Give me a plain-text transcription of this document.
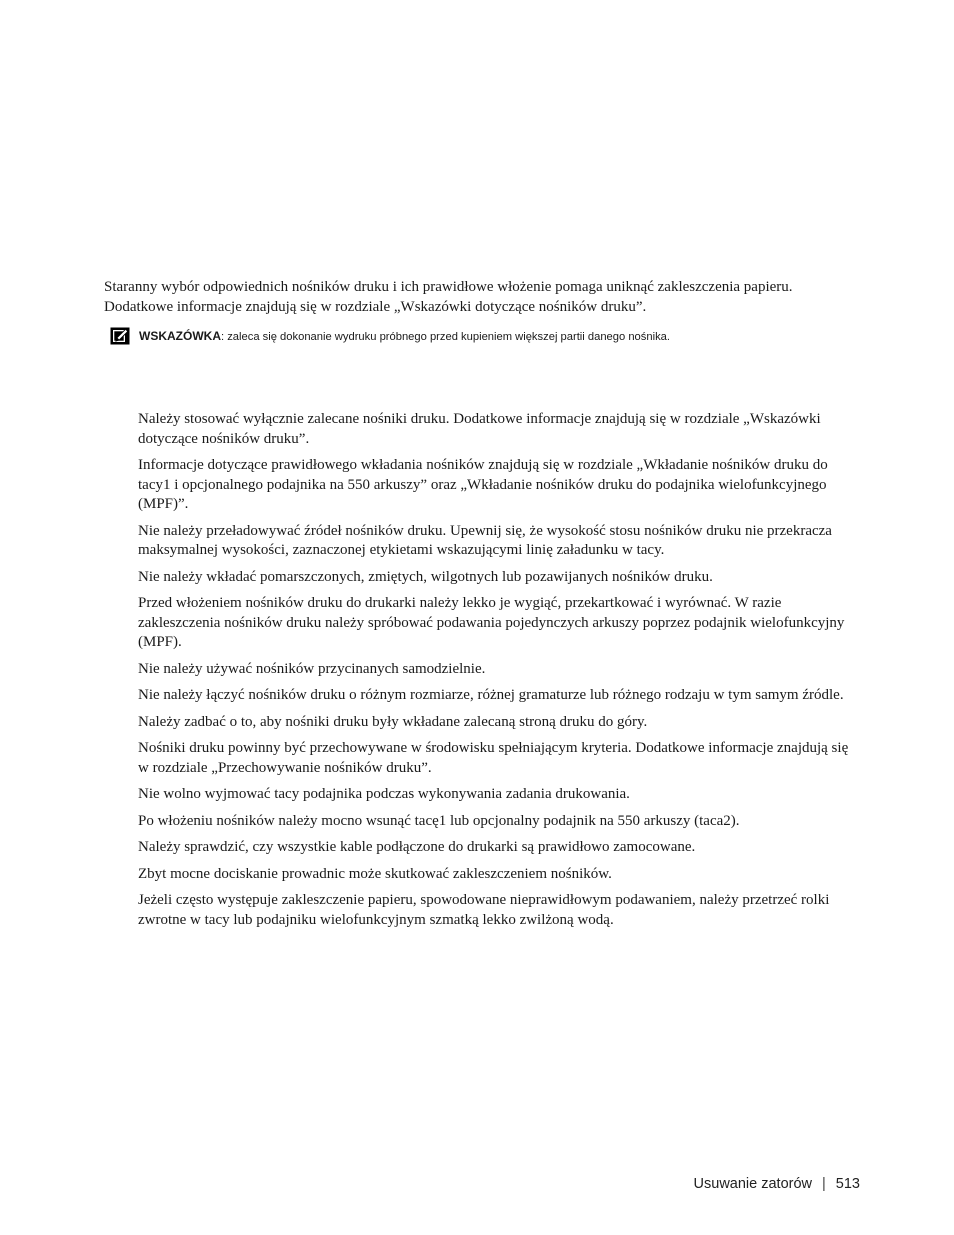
Staranny wybór odpowiednich nośników druku i ich prawidłowe włożenie pomaga uniknąć zakleszczenia papieru. Dodatkowe informacje znajdują się w rozdziale „Wskazówki dotyczące nośników druku”.

WSKAZÓWKA: zaleca się dokonanie wydruku próbnego przed kupieniem większej partii danego nośnika.
Należy stosować wyłącznie zalecane nośniki druku. Dodatkowe informacje znajdują się w rozdziale „Wskazówki dotyczące nośników druku”.
Informacje dotyczące prawidłowego wkładania nośników znajdują się w rozdziale „Wkładanie nośników druku do tacy1 i opcjonalnego podajnika na 550 arkuszy” oraz „Wkładanie nośników druku do podajnika wielofunkcyjnego (MPF)”.
Nie należy przeładowywać źródeł nośników druku. Upewnij się, że wysokość stosu nośników druku nie przekracza maksymalnej wysokości, zaznaczonej etykietami wskazującymi linię załadunku w tacy.
Nie należy wkładać pomarszczonych, zmiętych, wilgotnych lub pozawijanych nośników druku.
Przed włożeniem nośników druku do drukarki należy lekko je wygiąć, przekartkować i wyrównać. W razie zakleszczenia nośników druku należy spróbować podawania pojedynczych arkuszy poprzez podajnik wielofunkcyjny (MPF).
Nie należy używać nośników przycinanych samodzielnie.
Nie należy łączyć nośników druku o różnym rozmiarze, różnej gramaturze lub różnego rodzaju w tym samym źródle.
Należy zadbać o to, aby nośniki druku były wkładane zalecaną stroną druku do góry.
Nośniki druku powinny być przechowywane w środowisku spełniającym kryteria. Dodatkowe informacje znajdują się w rozdziale „Przechowywanie nośników druku”.
Nie wolno wyjmować tacy podajnika podczas wykonywania zadania drukowania.
Po włożeniu nośników należy mocno wsunąć tacę1 lub opcjonalny podajnik na 550 arkuszy (taca2).
Należy sprawdzić, czy wszystkie kable podłączone do drukarki są prawidłowo zamocowane.
Zbyt mocne dociskanie prowadnic może skutkować zakleszczeniem nośników.
Jeżeli często występuje zakleszczenie papieru, spowodowane nieprawidłowym podawaniem, należy przetrzeć rolki zwrotne w tacy lub podajniku wielofunkcyjnym szmatką lekko zwilżoną wodą.
Usuwanie zatorów | 513
